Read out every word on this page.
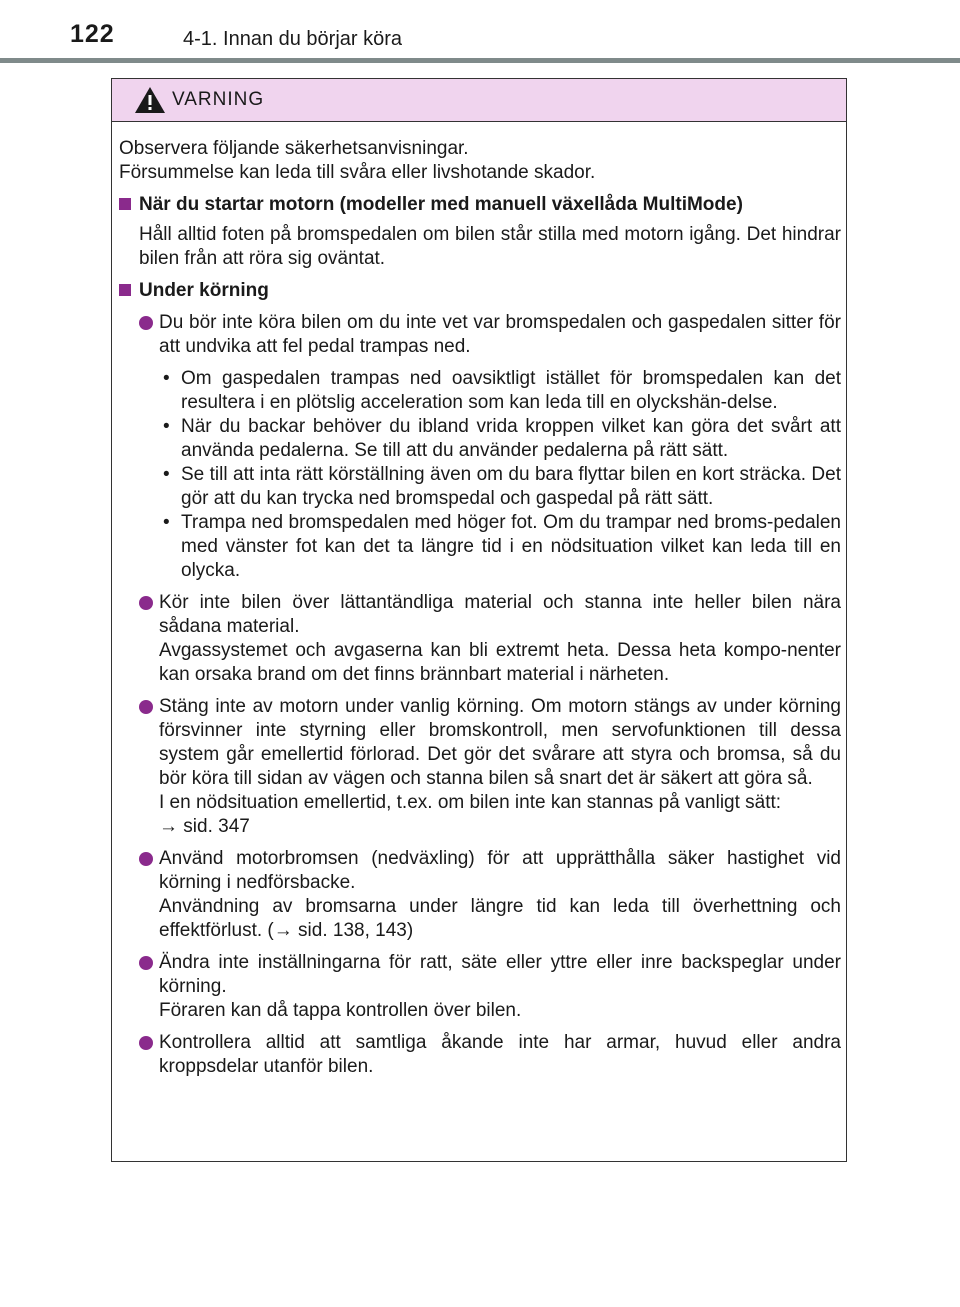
122	4-1. Innan du börjar köra
VARNING

Observera följande säkerhetsanvisningar.

Försummelse kan leda till svåra eller livshotande skador.

När du startar motorn (modeller med manuell växellåda MultiMode)

Håll alltid foten på bromspedalen om bilen står stilla med motorn igång. Det hindrar bilen från att röra sig oväntat.

Under körning

Du bör inte köra bilen om du inte vet var bromspedalen och gaspedalen sitter för att undvika att fel pedal trampas ned.

• Om gaspedalen trampas ned oavsiktligt istället för bromspedalen kan det resultera i en plötslig acceleration som kan leda till en olyckshän-delse.
• När du backar behöver du ibland vrida kroppen vilket kan göra det svårt att använda pedalerna. Se till att du använder pedalerna på rätt sätt.
• Se till att inta rätt körställning även om du bara flyttar bilen en kort sträcka. Det gör att du kan trycka ned bromspedal och gaspedal på rätt sätt.
• Trampa ned bromspedalen med höger fot. Om du trampar ned broms-pedalen med vänster fot kan det ta längre tid i en nödsituation vilket kan leda till en olycka.

Kör inte bilen över lättantändliga material och stanna inte heller bilen nära sådana material.

Avgassystemet och avgaserna kan bli extremt heta. Dessa heta kompo-nenter kan orsaka brand om det finns brännbart material i närheten.

Stäng inte av motorn under vanlig körning. Om motorn stängs av under körning försvinner inte styrning eller bromskontroll, men servofunktionen till dessa system går emellertid förlorad. Det gör det svårare att styra och bromsa, så du bör köra till sidan av vägen och stanna bilen så snart det är säkert att göra så.

I en nödsituation emellertid, t.ex. om bilen inte kan stannas på vanligt sätt:

→ sid. 347

Använd motorbromsen (nedväxling) för att upprätthålla säker hastighet vid körning i nedförsbacke.

Användning av bromsarna under längre tid kan leda till överhettning och effektförlust. (→ sid. 138, 143)

Ändra inte inställningarna för ratt, säte eller yttre eller inre backspeglar under körning.

Föraren kan då tappa kontrollen över bilen.

Kontrollera alltid att samtliga åkande inte har armar, huvud eller andra kroppsdelar utanför bilen.
